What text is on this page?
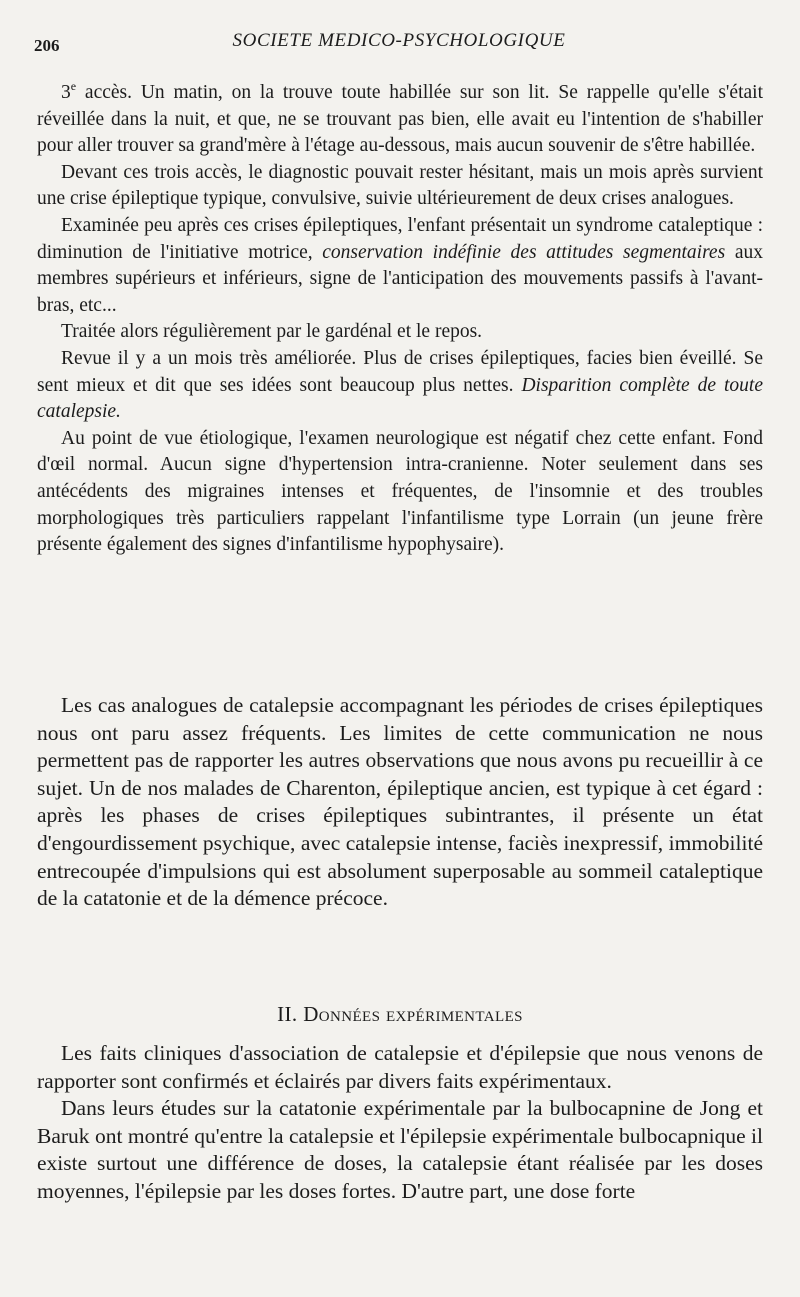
206	SOCIETE MEDICO-PSYCHOLOGIQUE

3e accès. Un matin, on la trouve toute habillée sur son lit. Se rappelle qu'elle s'était réveillée dans la nuit, et que, ne se trouvant pas bien, elle avait eu l'intention de s'habiller pour aller trouver sa grand'mère à l'étage au-dessous, mais aucun souvenir de s'être habillée.

Devant ces trois accès, le diagnostic pouvait rester hésitant, mais un mois après survient une crise épileptique typique, convulsive, suivie ultérieurement de deux crises analogues.

Examinée peu après ces crises épileptiques, l'enfant présentait un syndrome cataleptique : diminution de l'initiative motrice, conservation indéfinie des attitudes segmentaires aux membres supérieurs et inférieurs, signe de l'anticipation des mouvements passifs à l'avant-bras, etc...

Traitée alors régulièrement par le gardénal et le repos.

Revue il y a un mois très améliorée. Plus de crises épileptiques, facies bien éveillé. Se sent mieux et dit que ses idées sont beaucoup plus nettes. Disparition complète de toute catalepsie.

Au point de vue étiologique, l'examen neurologique est négatif chez cette enfant. Fond d'œil normal. Aucun signe d'hypertension intra-cranienne. Noter seulement dans ses antécédents des migraines intenses et fréquentes, de l'insomnie et des troubles morphologiques très particuliers rappelant l'infantilisme type Lorrain (un jeune frère présente également des signes d'infantilisme hypophysaire).

Les cas analogues de catalepsie accompagnant les périodes de crises épileptiques nous ont paru assez fréquents. Les limites de cette communication ne nous permettent pas de rapporter les autres observations que nous avons pu recueillir à ce sujet. Un de nos malades de Charenton, épileptique ancien, est typique à cet égard : après les phases de crises épileptiques subintrantes, il présente un état d'engourdissement psychique, avec catalepsie intense, faciès inexpressif, immobilité entrecoupée d'impulsions qui est absolument superposable au sommeil cataleptique de la catatonie et de la démence précoce.

II. Données expérimentales

Les faits cliniques d'association de catalepsie et d'épilepsie que nous venons de rapporter sont confirmés et éclairés par divers faits expérimentaux.

Dans leurs études sur la catatonie expérimentale par la bulbocapnine de Jong et Baruk ont montré qu'entre la catalepsie et l'épilepsie expérimentale bulbocapnique il existe surtout une différence de doses, la catalepsie étant réalisée par les doses moyennes, l'épilepsie par les doses fortes. D'autre part, une dose forte
